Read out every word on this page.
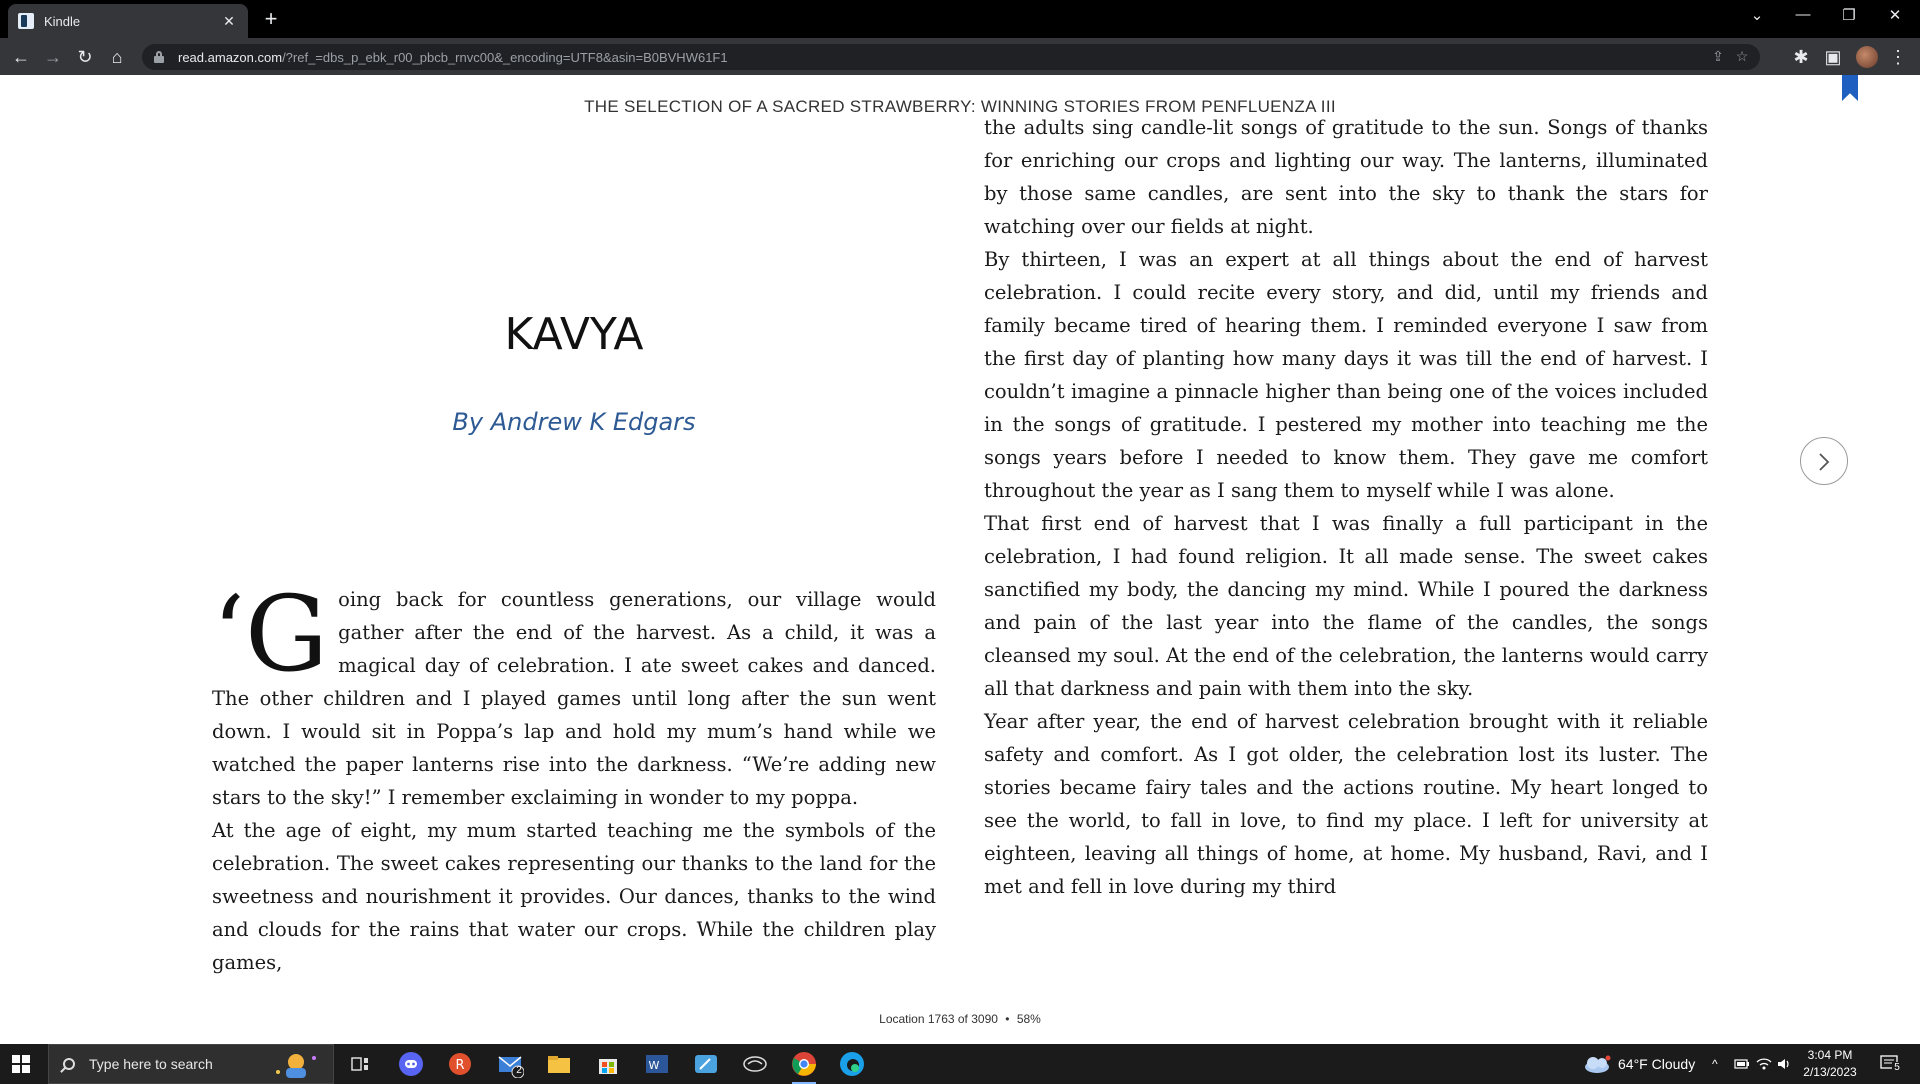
Kindle	✕ +	⌄	—	❐	✕
← → ↻	⌂	read.amazon.com /?ref_=dbs_p_ebk_r00_pbcb_rnvc00&_encoding=UTF8&asin=B0BVHW61F1	⇪ ☆	✱ ▣	⋮
THE SELECTION OF A SACRED STRAWBERRY: WINNING STORIES FROM PENFLUENZA III
KAVYA
By Andrew K Edgars

‘Going back for countless generations, our village would gather after the end of the harvest. As a child, it was a magical day of celebration. I ate sweet cakes and danced. The other children and I played games until long after the sun went down. I would sit in Poppa’s lap and hold my mum’s hand while we watched the paper lanterns rise into the darkness. “We’re adding new stars to the sky!” I remember exclaiming in wonder to my poppa.

At the age of eight, my mum started teaching me the symbols of the celebration. The sweet cakes representing our thanks to the land for the sweetness and nourishment it provides. Our dances, thanks to the wind and clouds for the rains that water our crops. While the children play games,

the adults sing candle-lit songs of gratitude to the sun. Songs of thanks for enriching our crops and lighting our way. The lanterns, illuminated by those same candles, are sent into the sky to thank the stars for watching over our fields at night.

By thirteen, I was an expert at all things about the end of harvest celebration. I could recite every story, and did, until my friends and family became tired of hearing them. I reminded everyone I saw from the first day of planting how many days it was till the end of harvest. I couldn’t imagine a pinnacle higher than being one of the voices included in the songs of gratitude. I pestered my mother into teaching me the songs years before I needed to know them. They gave me comfort throughout the year as I sang them to myself while I was alone.

That first end of harvest that I was finally a full participant in the celebration, I had found religion. It all made sense. The sweet cakes sanctified my body, the dancing my mind. While I poured the darkness and pain of the last year into the flame of the candles, the songs cleansed my soul. At the end of the celebration, the lanterns would carry all that darkness and pain with them into the sky.

Year after year, the end of harvest celebration brought with it reliable safety and comfort. As I got older, the celebration lost its luster. The stories became fairy tales and the actions routine. My heart longed to see the world, to fall in love, to find my place. I left for university at eighteen, leaving all things of home, at home. My husband, Ravi, and I met and fell in love during my third

Location 1763 of 3090 • 58%
Type here to search	R	2	W	64°F Cloudy ^
3:04 PM
2/13/2023	5
